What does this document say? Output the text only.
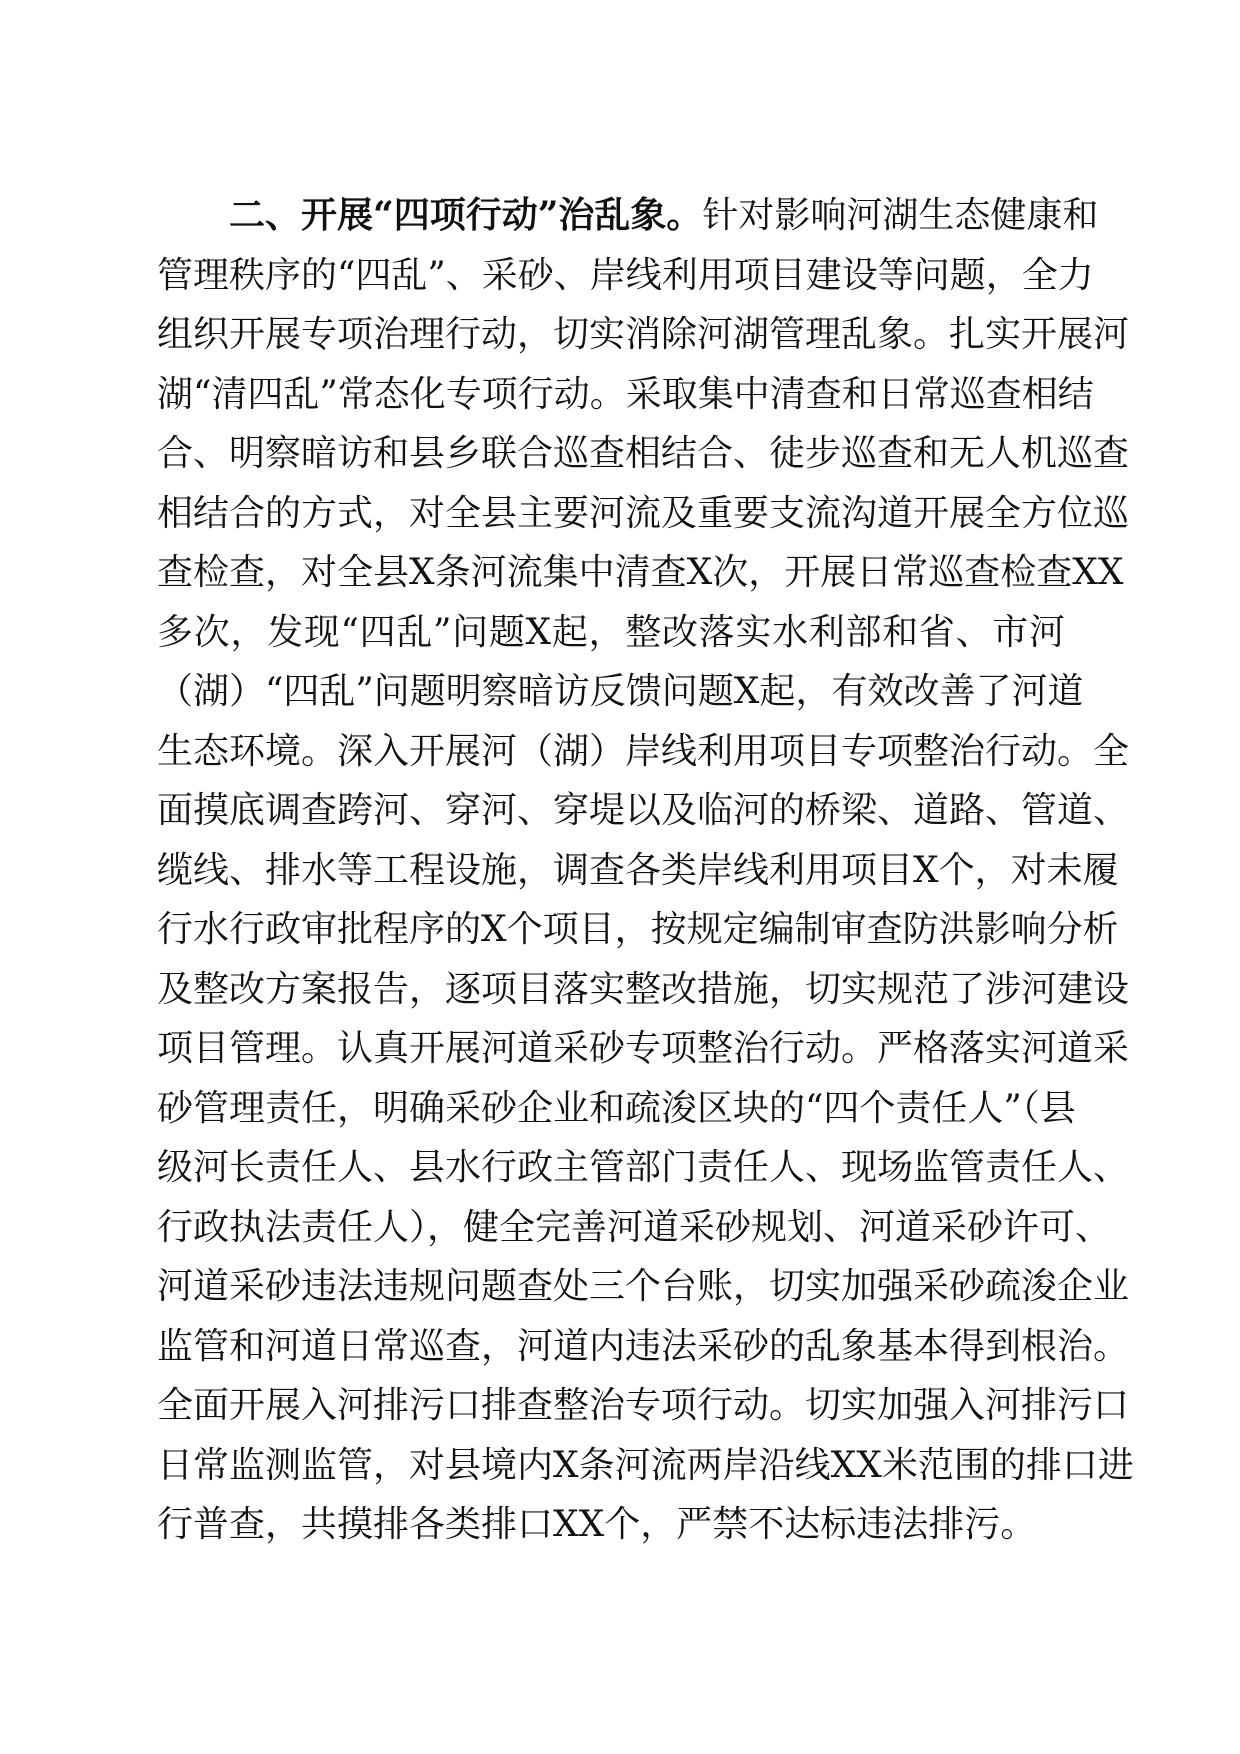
二、开展“四项行动”治乱象。针对影响河湖生态健康和
管理秩序的“四乱”、采砂、岸线利用项目建设等问题，全力
组织开展专项治理行动，切实消除河湖管理乱象。扎实开展河
湖“清四乱”常态化专项行动。采取集中清查和日常巡查相结
合、明察暗访和县乡联合巡查相结合、徒步巡查和无人机巡查
相结合的方式，对全县主要河流及重要支流沟道开展全方位巡
查检查，对全县X条河流集中清查X次，开展日常巡查检查XX
多次，发现“四乱”问题X起，整改落实水利部和省、市河
（湖）“四乱”问题明察暗访反馈问题X起，有效改善了河道
生态环境。深入开展河（湖）岸线利用项目专项整治行动。全
面摸底调查跨河、穿河、穿堤以及临河的桥梁、道路、管道、
缆线、排水等工程设施，调查各类岸线利用项目X个，对未履
行水行政审批程序的X个项目，按规定编制审查防洪影响分析
及整改方案报告，逐项目落实整改措施，切实规范了涉河建设
项目管理。认真开展河道采砂专项整治行动。严格落实河道采
砂管理责任，明确采砂企业和疏浚区块的“四个责任人”（县
级河长责任人、县水行政主管部门责任人、现场监管责任人、
行政执法责任人），健全完善河道采砂规划、河道采砂许可、
河道采砂违法违规问题查处三个台账，切实加强采砂疏浚企业
监管和河道日常巡查，河道内违法采砂的乱象基本得到根治。
全面开展入河排污口排查整治专项行动。切实加强入河排污口
日常监测监管，对县境内X条河流两岸沿线XX米范围的排口进
行普查，共摸排各类排口XX个，严禁不达标违法排污。
